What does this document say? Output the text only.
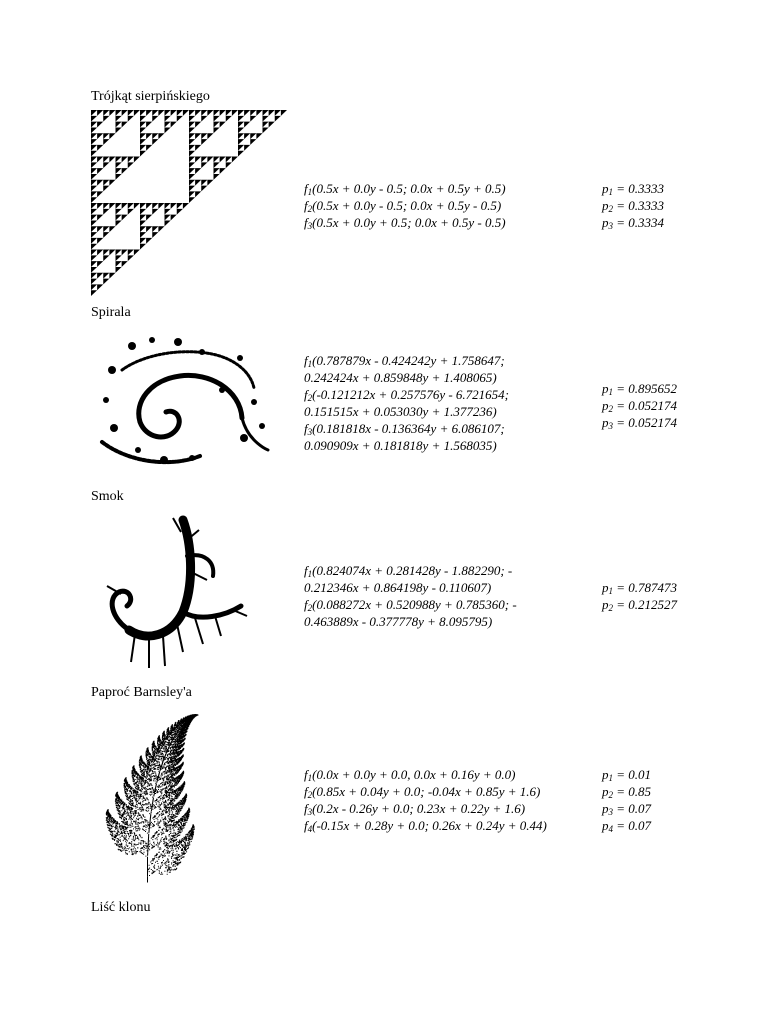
Trójkąt sierpińskiego
$f_1(0.5x + 0.0y - 0.5$; 0.0x + 0.5y + 0.5)
$f_2(0.5x + 0.0y - 0.5$; 0.0x + 0.5y - 0.5)
$f_3(0.5x + 0.0y + 0.5$; 0.0x + 0.5y - 0.5)
$p_1 = 0.3333$
$p_2 = 0.3333$
$p_3 = 0.3334$
Spirala
$f_1(0.787879x - 0.424242y + 1.758647$;
0.242424x + 0.859848y + 1.408065)
$f_2(-0.121212x + 0.257576y - 6.721654$;
0.151515x + 0.053030y + 1.377236)
$f_3(0.181818x - 0.136364y + 6.086107$;
0.090909x + 0.181818y + 1.568035)
$p_1 = 0.895652$
$p_2 = 0.052174$
$p_3 = 0.052174$
Smok
$f_1(0.824074x + 0.281428y - 1.882290$; -
0.212346x + 0.864198y - 0.110607)
$f_2(0.088272x + 0.520988y + 0.785360$; -
0.463889x - 0.377778y + 8.095795)
$p_1 = 0.787473$
$p_2 = 0.212527$
Paproć Barnsley'a
$f_1(0.0x + 0.0y + 0.0$, 0.0x + 0.16y + 0.0)
$f_2(0.85x + 0.04y + 0.0$; -0.04x + 0.85y + 1.6)
$f_3(0.2x - 0.26y + 0.0$; 0.23x + 0.22y + 1.6)
$f_4(-0.15x + 0.28y + 0.0$; 0.26x + 0.24y + 0.44)
$p_1 = 0.01$
$p_2 = 0.85$
$p_3 = 0.07$
$p_4 = 0.07$
Liść klonu
